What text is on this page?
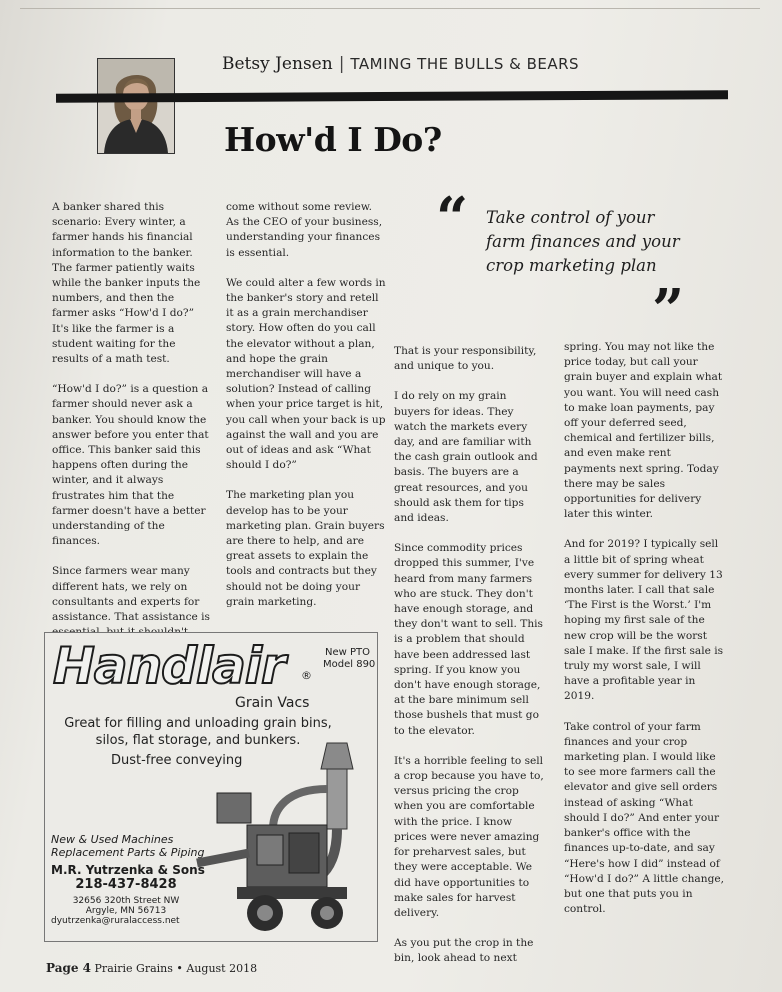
Betsy Jensen | TAMING THE BULLS & BEARS
How'd I Do?

A banker shared this scenario: Every winter, a farmer hands his financial information to the banker. The farmer patiently waits while the banker inputs the numbers, and then the farmer asks “How'd I do?” It's like the farmer is a student waiting for the results of a math test.

“How'd I do?” is a question a farmer should never ask a banker. You should know the answer before you enter that office. This banker said this happens often during the winter, and it always frustrates him that the farmer doesn't have a better understanding of the finances.

Since farmers wear many different hats, we rely on consultants and experts for assistance. That assistance is

come without some review. As the CEO of your business, understanding your finances is essential.

We could alter a few words in the banker's story and retell it as a grain merchandiser story. How often do you call the elevator without a plan, and hope the grain merchandiser will have a solution? Instead of calling when your price target is hit, you call when your back is up against the wall and you are out of ideas and ask “What should I do?”

The marketing plan you develop has to be your marketing plan. Grain buyers are there to help, and are great assets to explain the tools and contracts but they should not be doing your grain marketing.

“ Take control of your farm finances and your crop marketing plan
”

That is your responsibility, and unique to you.

I do rely on my grain buyers for ideas. They watch the markets every day, and are familiar with the cash grain outlook and basis. The buyers are a great resources, and you should ask them for tips and ideas.

Since commodity prices dropped this summer, I've heard from many farmers who are stuck. They don't have enough storage, and they don't want to sell. This is a problem that should have been addressed last spring. If you know you don't have enough storage, at the bare minimum sell those bushels that must go to the elevator.

It's a horrible feeling to sell a crop because you have to, versus pricing the crop when you are comfortable with the price. I know prices were never amazing for preharvest sales, but they were acceptable. We did have opportunities to make sales for harvest delivery.

As you put the crop in the bin, look ahead to next

spring. You may not like the price today, but call your grain buyer and explain what you want. You will need cash to make loan payments, pay off your deferred seed, chemical and fertilizer bills, and even make rent payments next spring. Today there may be sales opportunities for delivery later this winter.

And for 2019? I typically sell a little bit of spring wheat every summer for delivery 13 months later. I call that sale ‘The First is the Worst.’ I'm hoping my first sale of the new crop will be the worst sale I make. If the first sale is truly my worst sale, I will have a profitable year in 2019.

Take control of your farm finances and your crop marketing plan. I would like to see more farmers call the elevator and give sell orders instead of asking “What should I do?” And enter your banker's office with the finances up-to-date, and say “Here's how I did” instead of “How'd I do?” A little change, but one that puts you in control.

Handlair	®
New PTO
Model 890
Grain Vacs
Great for filling and unloading grain bins, silos, flat storage, and bunkers.
Dust-free conveying
New & Used Machines
Replacement Parts & Piping
M.R. Yutrzenka & Sons
218-437-8428
32656 320th Street NW
Argyle, MN 56713
dyutrzenka@ruralaccess.net
Page 4 Prairie Grains • August 2018
